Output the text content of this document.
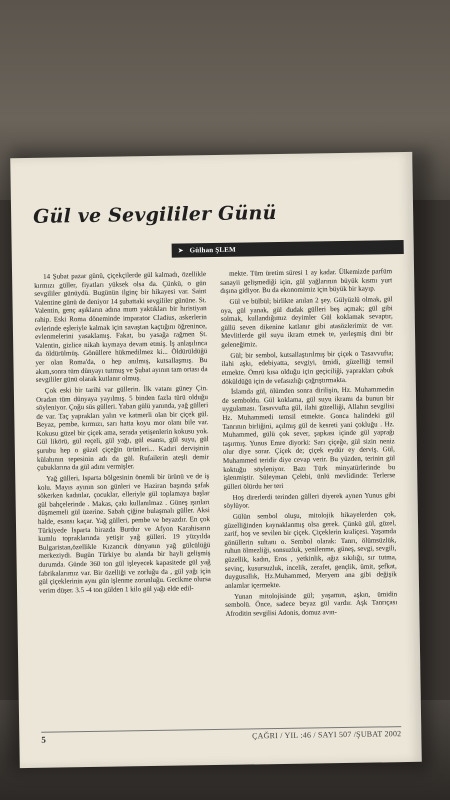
Gül ve Sevgililer Günü
➤ Gülhan ŞLEM

14 Şubat pazar günü, çiçekçilerde gül kalmadı, özellikle kırmızı güller, fiyatları yüksek olsa da. Çünkü, o gün sevgililer günüydü. Bugünün ilginç bir hikayesi var. Saint Valentine günü de deniyor 14 şubattaki sevgililer gününe. St. Valentin, genç aşıkların adına mum yaktıkları bir hıristiyan rahip. Eski Roma döneminde imparator Cladius, askerlerin evlerinde eşleriyle kalmak için savaştan kaçtığını öğrenince, evlenmelerini yasaklamış. Fakat, bu yasağa rağmen St. Valentin, gizlice nikah kıymaya devam etmiş. İş anlaşılınca da öldürülmüş. Gönüllere hükmedilmez ki... Öldürüldüğü yer olan Roma'da, o hep anılmış, kutsallaşmış. Bu akım,sonra tüm dünyayı tutmuş ve Şubat ayının tam ortası da sevgililer günü olarak kutlanır olmuş.

Çok eski bir tarihi var güllerin. İlk vatanı güney Çin. Oradan tüm dünyaya yayılmış. 5 binden fazla türü olduğu söyleniyor. Çoğu süs gülleri. Yaban gülü yanında, yağ gülleri de var. Taç yaprakları yalın ve katmerli olan bir çiçek gül. Beyaz, pembe, kırmızı, sarı hatta koyu mor olanı bile var. Kokusu güzel bir çiçek ama, serada yetişenlerin kokusu yok. Gül likörü, gül reçeli, gül yağı, gül esansı, gül suyu, gül şurubu hep o güzel çiçeğin ürünleri... Kadıri dervişinin külahının tepesinin adı da gül. Rufailerin ateşli demir çubuklarına da gül adını vermişler.

Yağ gülleri, Isparta bölgesinin önemli bir ürünü ve de iş kolu. Mayıs ayının son günleri ve Haziran başında şafak sökerken kadınlar, çocuklar, elleriyle gül toplamaya başlar gül bahçelerinde . Makas, çakı kullanılmaz . Güneş ışınları düşmemeli gül üzerine. Sabah çiğine bulaşmalı güller. Aksi halde, esansı kaçar. Yağ gülleri, pembe ve beyazdır. En çok Türkiyede Isparta birazda Burdur ve Afyon Karahisarın kumlu topraklarında yetişir yağ gülleri. 19 yüzyılda Bulgaristan,özellikle Kızancık dünyanın yağ gülcülüğü merkeziydi. Bugün Türkiye bu alanda bir hayli gelişmiş durumda. Günde 360 ton gül işleyecek kapasitede gül yağ fabrikalarımız var. Bir özelliği ve zorluğu da , gül yağı için gül çiçeklerinin aynı gün işlenme zorunluğu. Gecikme olursa verim düşer. 3.5 -4 ton gülden 1 kilo gül yağı elde edil-

mekte. Tüm üretim süresi 1 ay kadar. Ülkemizde parfüm sanayii gelişmediği için, gül yağlarının büyük kısmı yurt dışına gidiyor. Bu da ekonomimiz için büyük bir kayıp.

Gül ve bülbül; birlikte anılan 2 şey. Gülyüzlü olmak, gül oya, gül yanak, gül dudak gülleri beş açmak; gül gibi solmak, kullandığımız deyimler Gül koklamak sevaptır, güllü seven dikenine katlanır gibi atasözlerimiz de var. Mevlitlerde gül suyu ikram etmek te, yerleşmiş dini bir geleneğimiz.

Gül; bir sembol, kutsallaştırılmış bir çiçek o Tasavvufta; ilahi aşkı, edebiyatta, sevgiyi, ümidi, güzelliği temsil etmekte. Ömrü kısa olduğu için geçiciliği, yaprakları çabuk döküldüğü için de vefasızlığı çağrıştırmakta.

İslamda gül, ölümden sonra dirilişin, Hz. Muhammedin de semboldu. Gül koklama, gül suyu ikramı da bunun bir uygulaması. Tasavvufta gül, ilahi güzelliği, Allahın sevgilisi Hz. Muhammedi temsil etmekte. Gonca halindeki gül Tanrının birliğini, açılmış gül de kesreti yani çokluğu . Hz. Muhammed, gülü çok sever, şapkası içinde gül yaprağı taşırmış. Yunus Emre diyorki: Sarı çiçeğe, gül sizin neniz olur diye sorar. Çiçek de; çiçek eydür ey derviş. Gül, Muhammed teridir diye cevap verir. Bu yüzden, terinin gül koktuğu söyleniyor. Bazı Türk minyatürlerinde bu işlenmiştir. Süleyman Çelebi, ünlü mevlidinde: Terlerse gülleri ölürdu her teri

Hoş direrlerdi terinden gülleri diyerek aynen Yunus gibi söylüyor.

Gülün sembol oluşu, mitolojik hikayelerden çok, güzelliğinden kaynaklanmış olsa gerek. Çünkü gül, güzel, zarif, hoş ve sevilen bir çiçek. Çiçeklerin kraliçesi. Yaşamda gönüllerin sultanı o. Sembol olarak: Tanrı, ölümsüzlük, ruhun ölmezliği, sonsuzluk, yenilenme, güneş, sevgi, sevgili, güzellik, kadın, Eros , yetkinlik, ağız sıkılığı, sır tutma, sevinç, kusursuzluk, incelik, zerafet, gençlik, ümit, şefkat, duygusallık, Hz.Muhammed, Meryem ana gibi değişik anlamlar içermekte.

Yunan mitolojisinde gül; yaşamın, aşkın, ümidin sembolü. Önce, sadece beyaz gül vardır. Aşk Tanrıçası Afroditin sevgilisi Adonis, domuz avın-

5	ÇAĞRI / YIL :46 / SAYI 507 /ŞUBAT 2002
